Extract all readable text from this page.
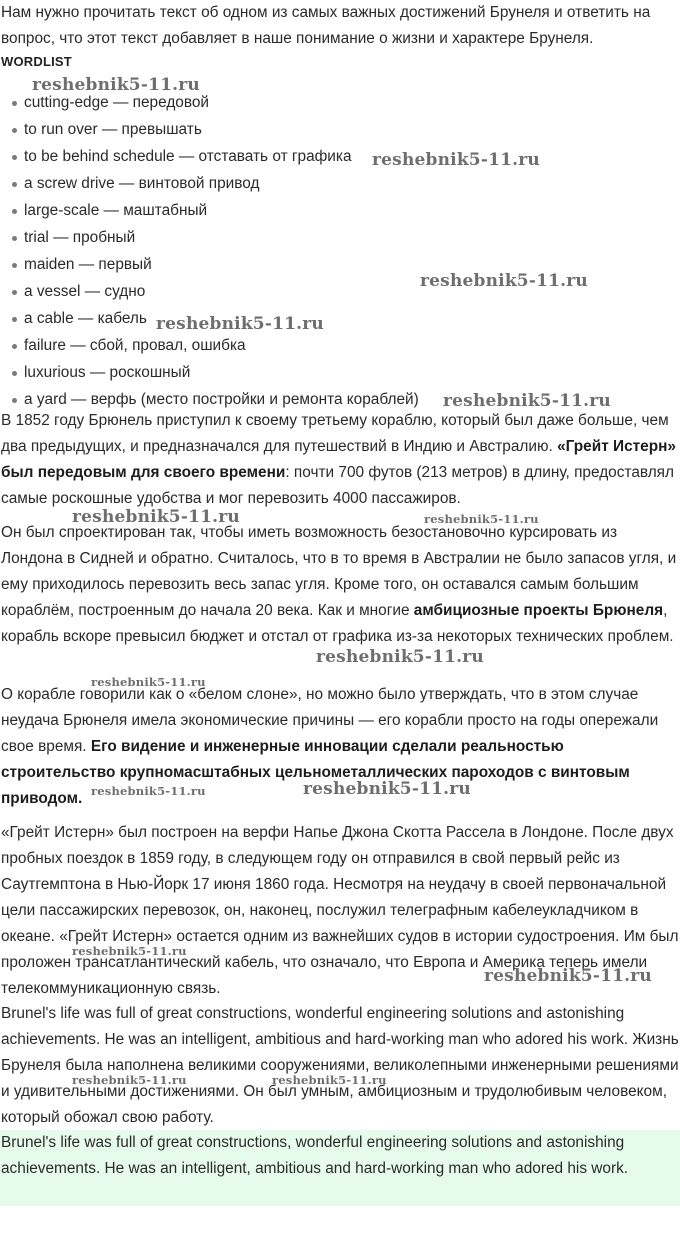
Нам нужно прочитать текст об одном из самых важных достижений Брунеля и ответить на вопрос, что этот текст добавляет в наше понимание о жизни и характере Брунеля.

WORDLIST
cutting-edge — передовой
to run over — превышать
to be behind schedule — отставать от графика
a screw drive — винтовой привод
large-scale — маштабный
trial — пробный
maiden — первый
a vessel — судно
a cable — кабель
failure — сбой, провал, ошибка
luxurious — роскошный
a yard — верфь (место постройки и ремонта кораблей)

В 1852 году Брюнель приступил к своему третьему кораблю, который был даже больше, чем два предыдущих, и предназначался для путешествий в Индию и Австралию. «Грейт Истерн» был передовым для своего времени: почти 700 футов (213 метров) в длину, предоставлял самые роскошные удобства и мог перевозить 4000 пассажиров.

Он был спроектирован так, чтобы иметь возможность безостановочно курсировать из Лондона в Сидней и обратно. Считалось, что в то время в Австралии не было запасов угля, и ему приходилось перевозить весь запас угля. Кроме того, он оставался самым большим кораблём, построенным до начала 20 века. Как и многие амбициозные проекты Брюнеля, корабль вскоре превысил бюджет и отстал от графика из-за некоторых технических проблем.

О корабле говорили как о «белом слоне», но можно было утверждать, что в этом случае неудача Брюнеля имела экономические причины — его корабли просто на годы опережали свое время. Его видение и инженерные инновации сделали реальностью строительство крупномасштабных цельнометаллических пароходов с винтовым приводом.

«Грейт Истерн» был построен на верфи Напье Джона Скотта Рассела в Лондоне. После двух пробных поездок в 1859 году, в следующем году он отправился в свой первый рейс из Саутгемптона в Нью-Йорк 17 июня 1860 года. Несмотря на неудачу в своей первоначальной цели пассажирских перевозок, он, наконец, послужил телеграфным кабелеукладчиком в океане. «Грейт Истерн» остается одним из важнейших судов в истории судостроения. Им был проложен трансатлантический кабель, что означало, что Европа и Америка теперь имели телекоммуникационную связь.

Brunel's life was full of great constructions, wonderful engineering solutions and astonishing achievements. He was an intelligent, ambitious and hard-working man who adored his work. Жизнь Брунеля была наполнена великими сооружениями, великолепными инженерными решениями и удивительными достижениями. Он был умным, амбициозным и трудолюбивым человеком, который обожал свою работу.

Brunel's life was full of great constructions, wonderful engineering solutions and astonishing achievements. He was an intelligent, ambitious and hard-working man who adored his work.

reshebnik5-11.ru
reshebnik5-11.ru
reshebnik5-11.ru
reshebnik5-11.ru
reshebnik5-11.ru
reshebnik5-11.ru	reshebnik5-11.ru
reshebnik5-11.ru
reshebnik5-11.ru
reshebnik5-11.ru	reshebnik5-11.ru
reshebnik5-11.ru
reshebnik5-11.ru
reshebnik5-11.ru	reshebnik5-11.ru
